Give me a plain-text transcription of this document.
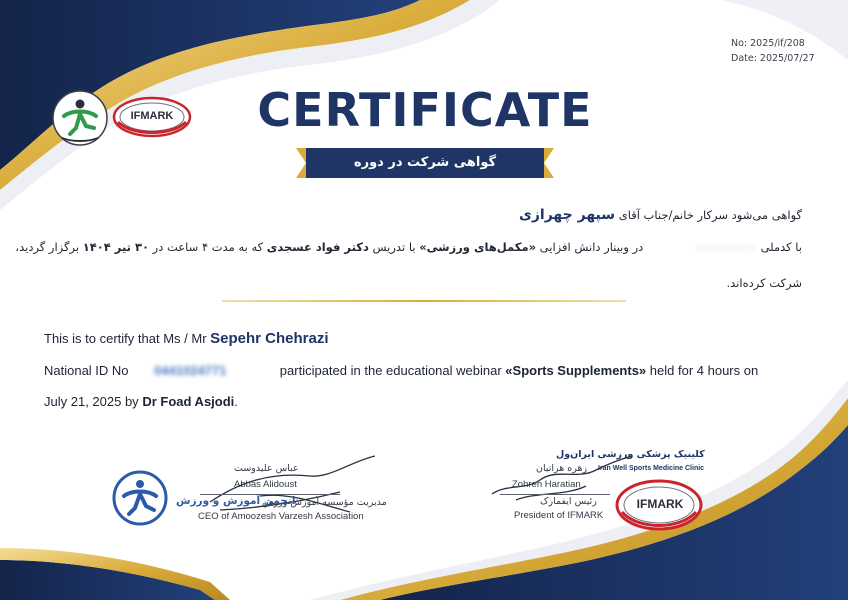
No: 2025/if/208
Date: 2025/07/27
IFMARK CERTIFICATE
گواهی شرکت در دوره
گواهی می‌شود سرکار خانم/جناب آقای سپهر چهرازی
با کدملی ۰۰۰۰۰۰۰۰۰۰ در وبینار دانش افزایی «مکمل‌های ورزشی» با تدریس دکتر فواد عسجدی که به مدت ۴ ساعت در ۳۰ تیر ۱۴۰۴ برگزار گردید،
شرکت کرده‌اند.
This is to certify that Ms / Mr Sepehr Chehrazi
National ID No 0441024771	participated in the educational webinar «Sports Supplements» held for 4 hours on
July 21, 2025 by Dr Foad Asjodi.
عباس علیدوست
Abbas Alidoust
انجمن آموزش و ورزش
مدیریت مؤسسه آموزش ورزش
CEO of Amoozesh Varzesh Association
کلینیک پزشکی ورزشی ایران‌ول
Iran Well Sports Medicine Clinic
زهره هراتیان
Zohreh Haratian
رئیس ایفمارک
President of IFMARK
IFMARK
